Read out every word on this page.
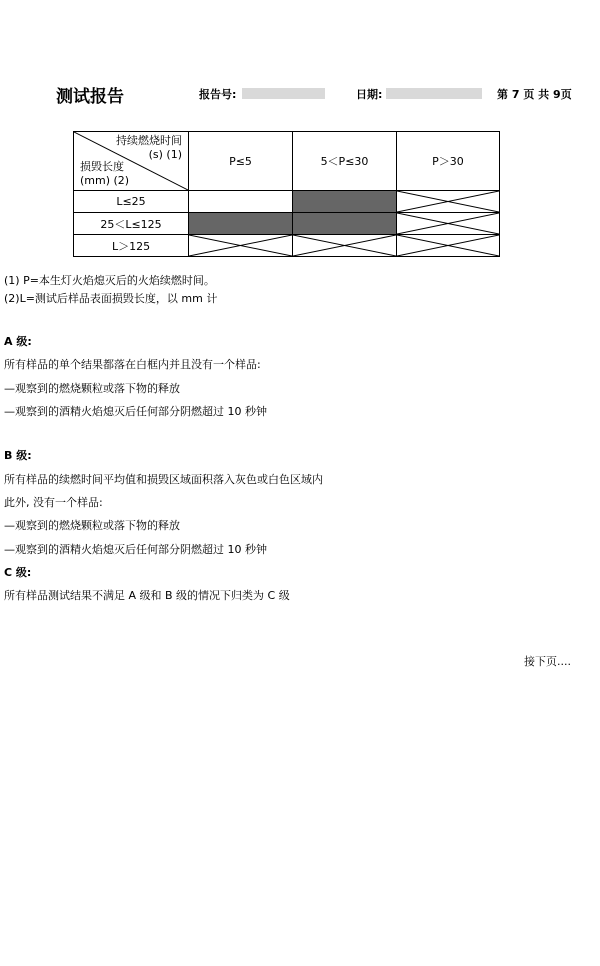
测试报告	报告号:	日期:	第 7 页 共 9页
持续燃烧时间
(s) (1)
损毁长度
(mm) (2)	P≤5	5＜P≤30	P＞30
L≤25			

25＜L≤125			

L＞125	

(1) P=本生灯火焰熄灭后的火焰续燃时间。
(2)L=测试后样品表面损毁长度，以 mm 计
A 级:
所有样品的单个结果都落在白框内并且没有一个样品:
—观察到的燃烧颗粒或落下物的释放
—观察到的酒精火焰熄灭后任何部分阴燃超过 10 秒钟
B 级:
所有样品的续燃时间平均值和损毁区域面积落入灰色或白色区域内
此外, 没有一个样品:
—观察到的燃烧颗粒或落下物的释放
—观察到的酒精火焰熄灭后任何部分阴燃超过 10 秒钟
C 级:
所有样品测试结果不满足 A 级和 B 级的情况下归类为 C 级
接下页....
